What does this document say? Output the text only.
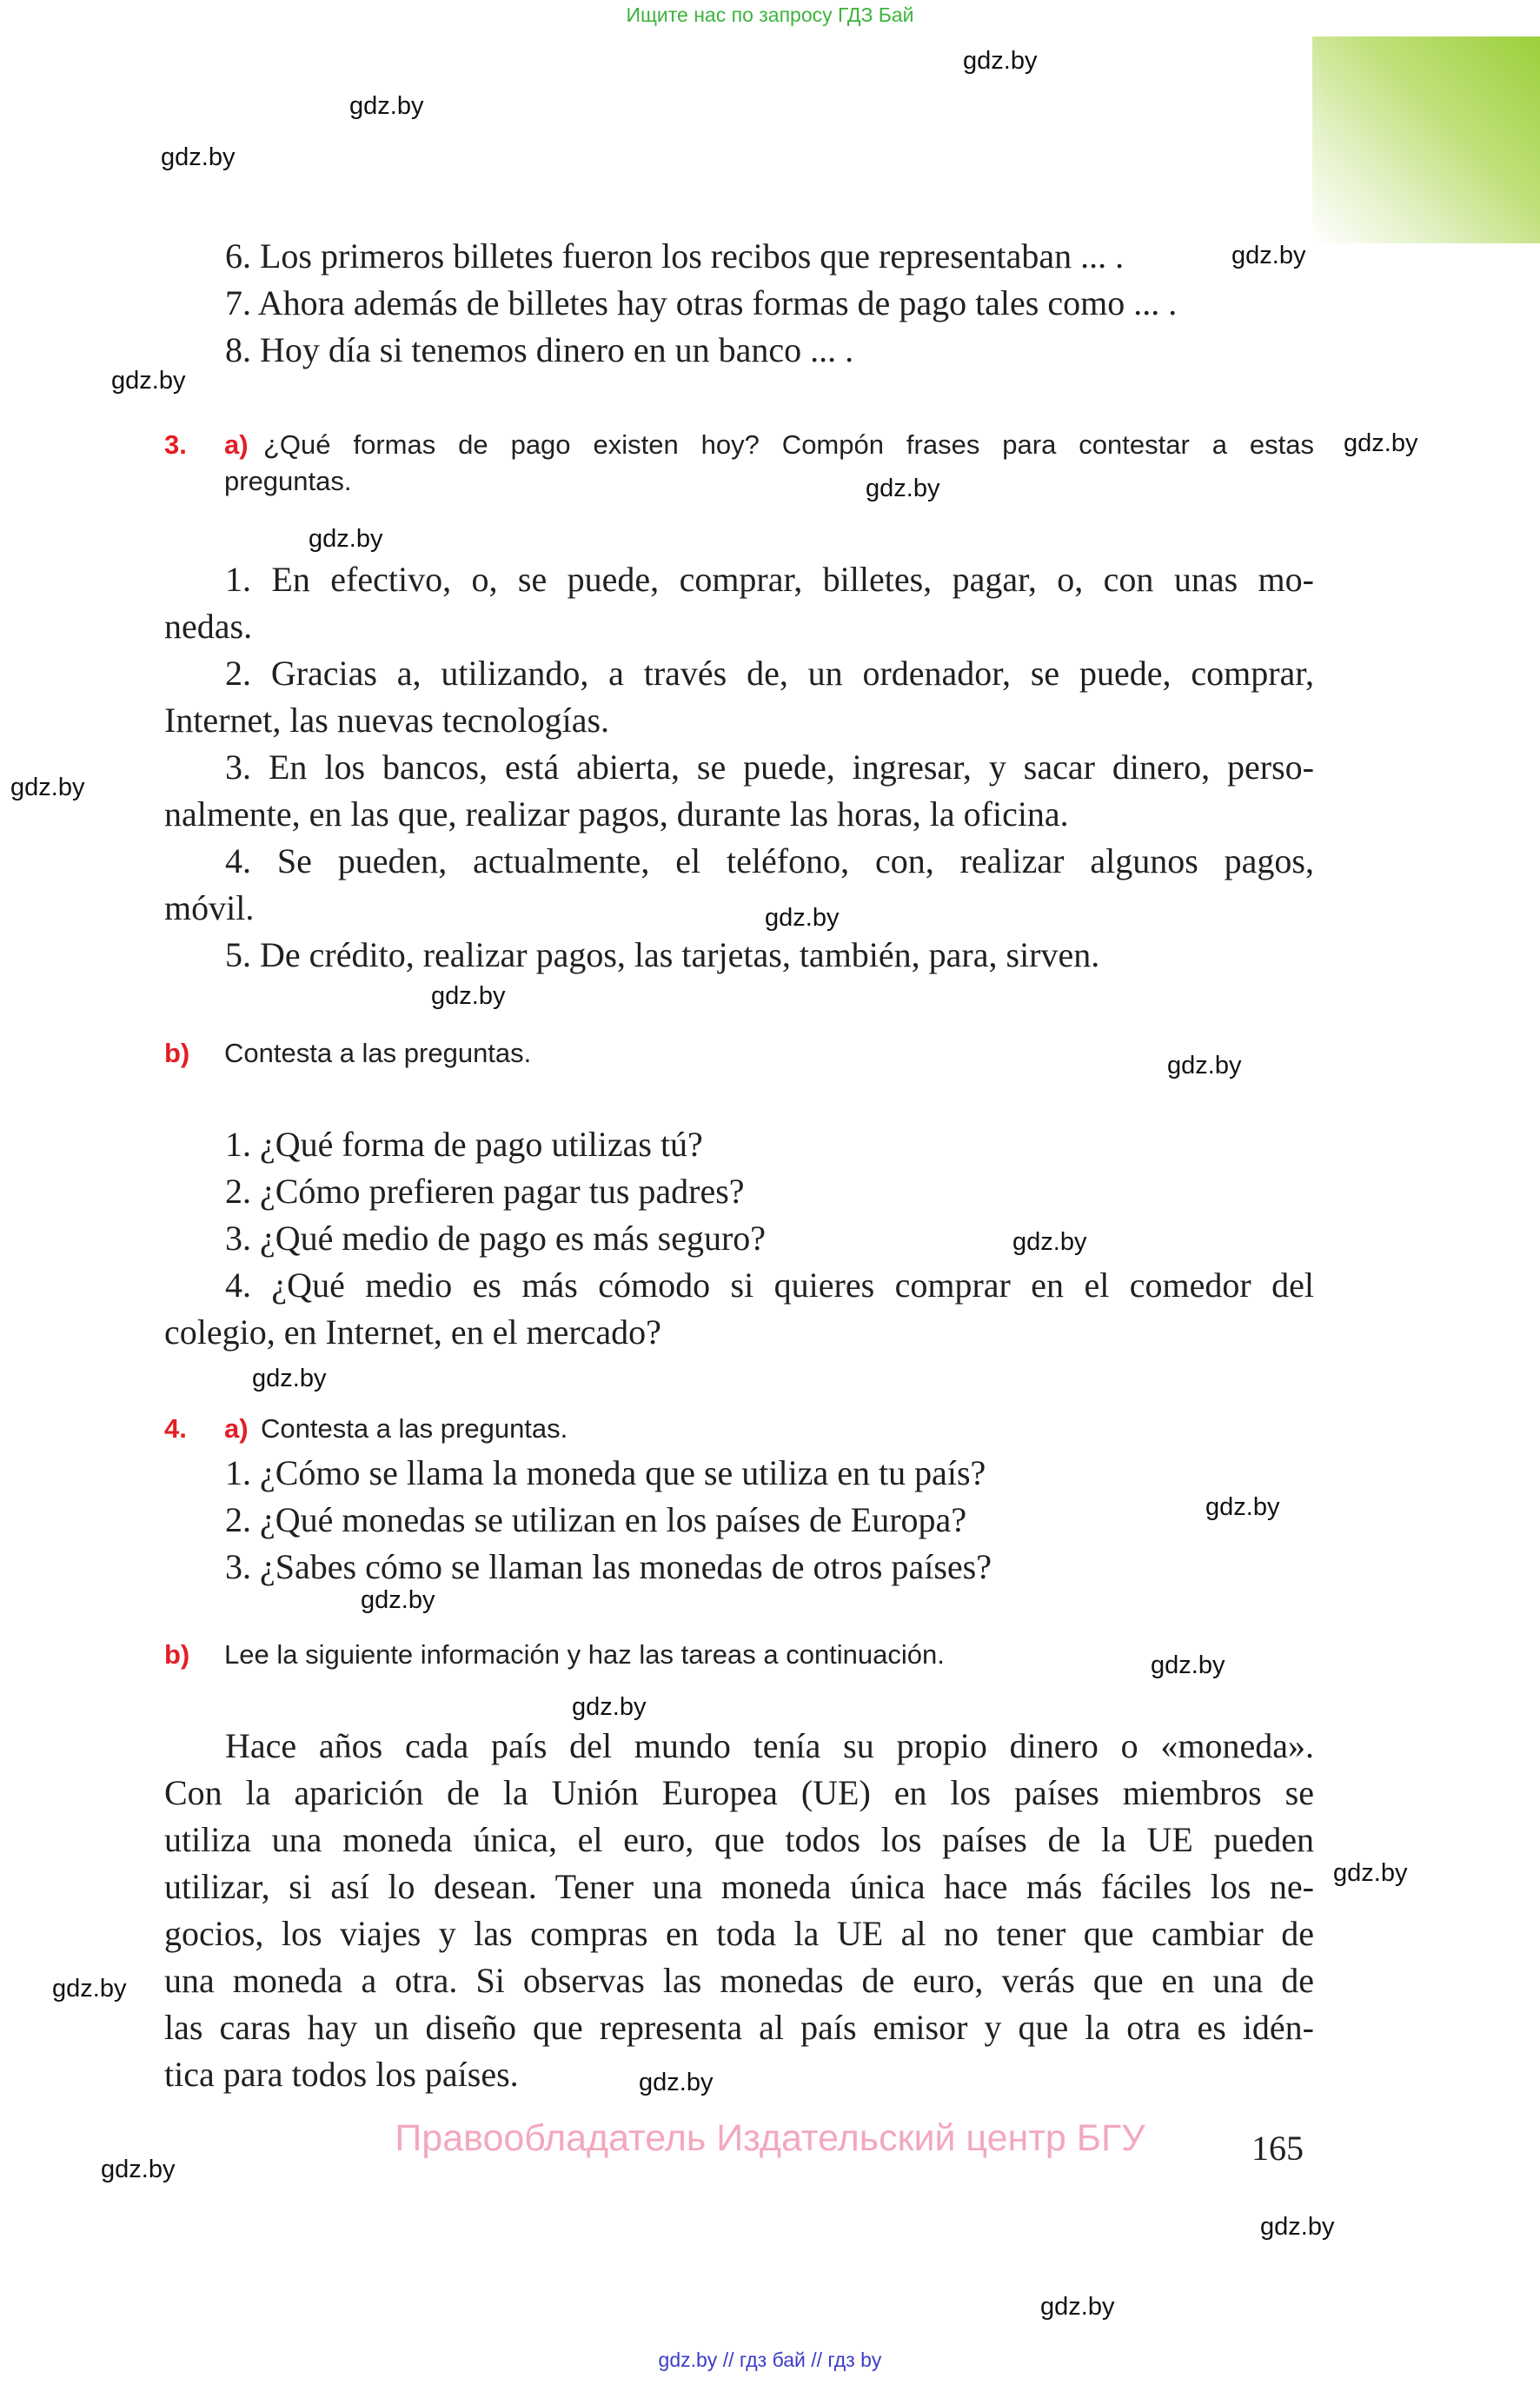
Ищите нас по запросу ГДЗ Бай
gdz.by
gdz.by
gdz.by
gdz.by
gdz.by
gdz.by
gdz.by
gdz.by
gdz.by
gdz.by
gdz.by
gdz.by
gdz.by
gdz.by
gdz.by
gdz.by
gdz.by
gdz.by
gdz.by
gdz.by
gdz.by
gdz.by
gdz.by
gdz.by
6. Los primeros billetes fueron los recibos que representaban ... .
7. Ahora además de billetes hay otras formas de pago tales como ... .
8. Hoy día si tenemos dinero en un banco ... .
3. a) ¿Qué formas de pago existen hoy? Compón frases para contestar a estas
preguntas.
1. En efectivo, o, se puede, comprar, billetes, pagar, o, con unas mo-
nedas.
2. Gracias a, utilizando, a través de, un ordenador, se puede, comprar,
Internet, las nuevas tecnologías.
3. En los bancos, está abierta, se puede, ingresar, y sacar dinero, perso-
nalmente, en las que, realizar pagos, durante las horas, la oficina.
4. Se pueden, actualmente, el teléfono, con, realizar algunos pagos,
móvil.
5. De crédito, realizar pagos, las tarjetas, también, para, sirven.
b) Contesta a las preguntas.
1. ¿Qué forma de pago utilizas tú?
2. ¿Cómo prefieren pagar tus padres?
3. ¿Qué medio de pago es más seguro?
4. ¿Qué medio es más cómodo si quieres comprar en el comedor del
colegio, en Internet, en el mercado?
4. a) Contesta a las preguntas.
1. ¿Cómo se llama la moneda que se utiliza en tu país?
2. ¿Qué monedas se utilizan en los países de Europa?
3. ¿Sabes cómo se llaman las monedas de otros países?
b) Lee la siguiente información y haz las tareas a continuación.
Hace años cada país del mundo tenía su propio dinero o «moneda».
Con la aparición de la Unión Europea (UE) en los países miembros se
utiliza una moneda única, el euro, que todos los países de la UE pueden
utilizar, si así lo desean. Tener una moneda única hace más fáciles los ne-
gocios, los viajes y las compras en toda la UE al no tener que cambiar de
una moneda a otra. Si observas las monedas de euro, verás que en una de
las caras hay un diseño que representa al país emisor y que la otra es idén-
tica para todos los países.
Правообладатель Издательский центр БГУ	165
gdz.by // гдз бай // гдз by
